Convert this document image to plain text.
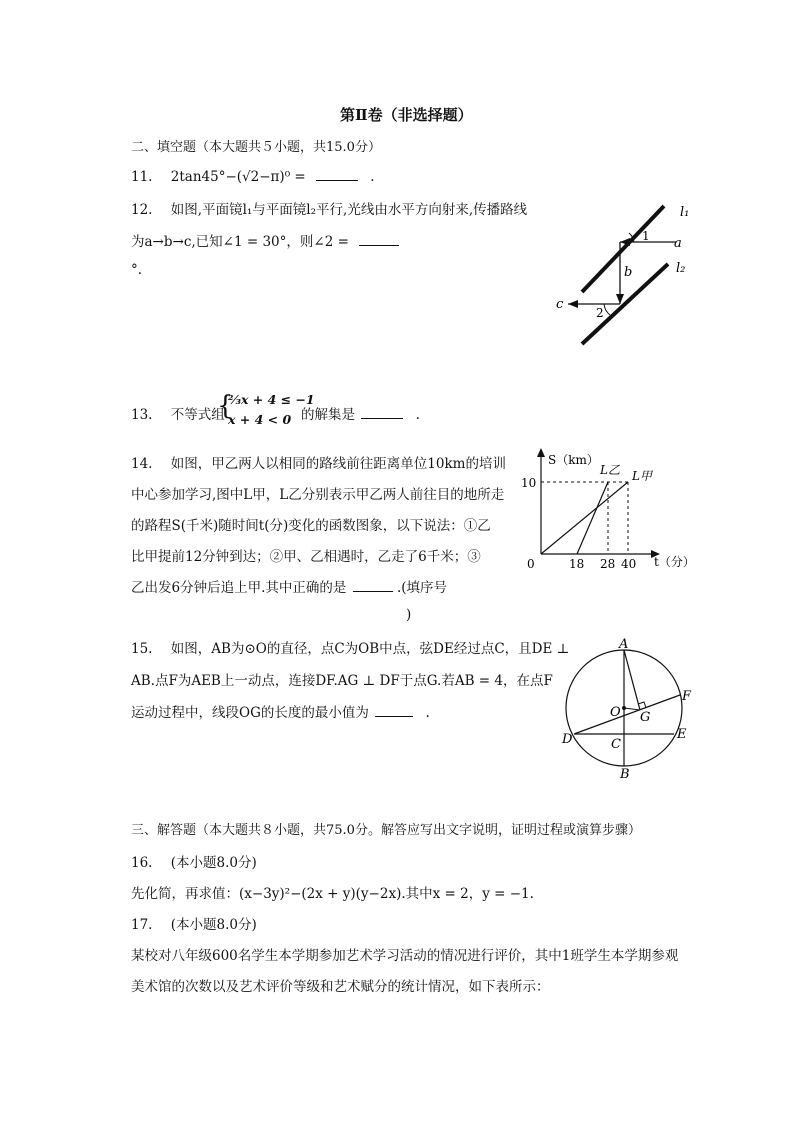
第Ⅱ卷（非选择题）
二、填空题（本大题共５小题，共15.0分）
11. 2tan45°−(√2−π)⁰ =	.
12. 如图,平面镜l₁与平面镜l₂平行,光线由水平方向射来,传播路线
为a→b→c,已知∠1 = 30°，则∠2 =
°.
l₁
l₂
a
b
c
1
2
13. 不等式组
{
⅔x + 4 ≤ −1
x + 4 < 0 的解集是	.
14. 如图，甲乙两人以相同的路线前往距离单位10km的培训
中心参加学习,图中L甲，L乙分别表示甲乙两人前往目的地所走
的路程S(千米)随时间t(分)变化的函数图象，以下说法：①乙
比甲提前12分钟到达；②甲、乙相遇时，乙走了6千米；③
乙出发6分钟后追上甲.其中正确的是	.(填序号
)
S（km）
t（分）
0
10
18 28 40
L乙 L甲
15. 如图，AB为⊙O的直径，点C为OB中点，弦DE经过点C，且DE ⊥
AB.点F为AEB上一动点，连接DF.AG ⊥ DF于点G.若AB = 4，在点F
运动过程中，线段OG的长度的最小值为	.
A
B
C
D	E
F
G
O
三、解答题（本大题共８小题，共75.0分。解答应写出文字说明，证明过程或演算步骤）
16. (本小题8.0分)
先化简，再求值：(x−3y)²−(2x + y)(y−2x).其中x = 2，y = −1.
17. (本小题8.0分)
某校对八年级600名学生本学期参加艺术学习活动的情况进行评价，其中1班学生本学期参观
美术馆的次数以及艺术评价等级和艺术赋分的统计情况，如下表所示：
